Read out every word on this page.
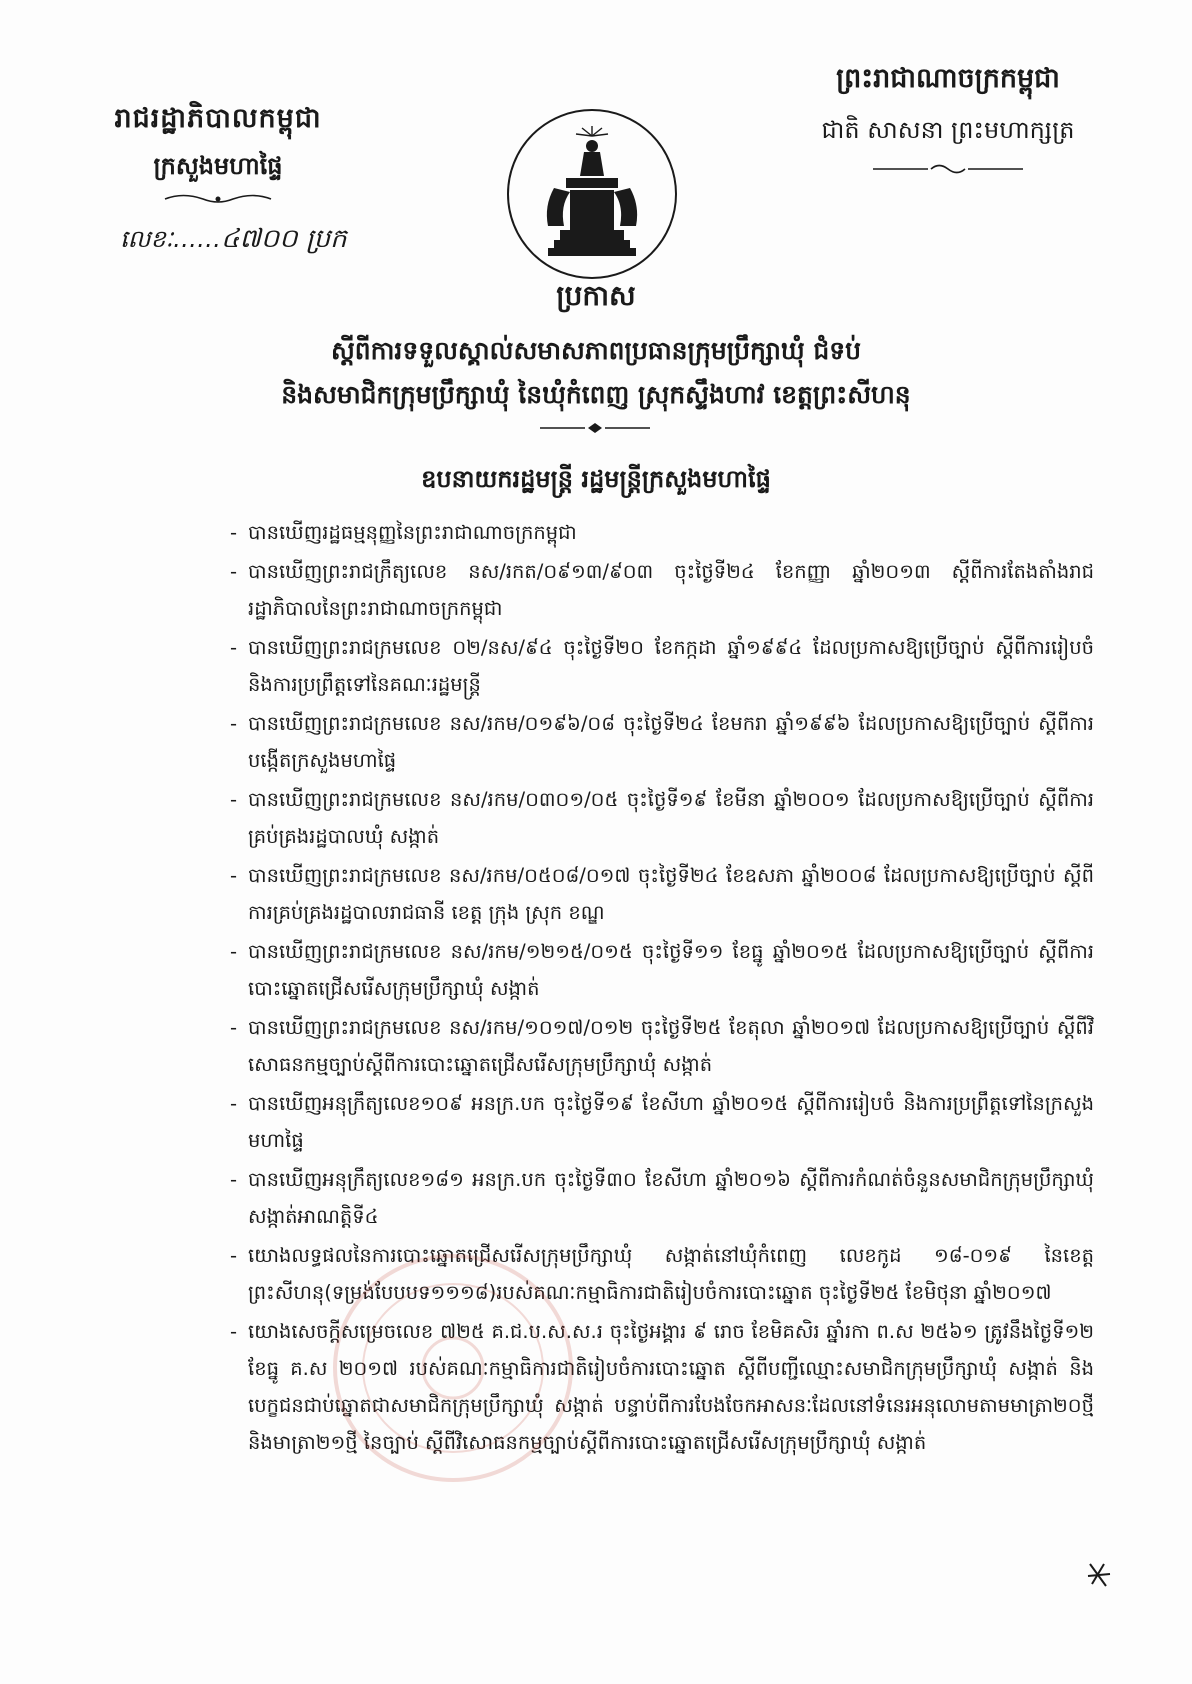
រាជរដ្ឋាភិបាលកម្ពុជា
ក្រសួងមហាផ្ទៃ
លេខៈ……៤៧០០ ប្រក
ព្រះរាជាណាចក្រកម្ពុជា
ជាតិ សាសនា ព្រះមហាក្សត្រ
ប្រកាស
ស្តីពីការទទួលស្គាល់សមាសភាពប្រធានក្រុមប្រឹក្សាឃុំ ជំទប់
និងសមាជិកក្រុមប្រឹក្សាឃុំ នៃឃុំកំពេញ ស្រុកស្ទឹងហាវ ខេត្តព្រះសីហនុ
ឧបនាយករដ្ឋមន្ត្រី រដ្ឋមន្ត្រីក្រសួងមហាផ្ទៃ
- បានឃើញរដ្ឋធម្មនុញ្ញនៃព្រះរាជាណាចក្រកម្ពុជា
- បានឃើញព្រះរាជក្រឹត្យលេខ នស/រកត/០៩១៣/៩០៣ ចុះថ្ងៃទី២៤ ខែកញ្ញា ឆ្នាំ២០១៣ ស្តីពីការតែងតាំងរាជរដ្ឋាភិបាលនៃព្រះរាជាណាចក្រកម្ពុជា
- បានឃើញព្រះរាជក្រមលេខ ០២/នស/៩៤ ចុះថ្ងៃទី២០ ខែកក្កដា ឆ្នាំ១៩៩៤ ដែលប្រកាសឱ្យប្រើច្បាប់ ស្តីពីការរៀបចំ និងការប្រព្រឹត្តទៅនៃគណៈរដ្ឋមន្ត្រី
- បានឃើញព្រះរាជក្រមលេខ នស/រកម/០១៩៦/០៨ ចុះថ្ងៃទី២៤ ខែមករា ឆ្នាំ១៩៩៦ ដែលប្រកាសឱ្យប្រើច្បាប់ ស្តីពីការបង្កើតក្រសួងមហាផ្ទៃ
- បានឃើញព្រះរាជក្រមលេខ នស/រកម/០៣០១/០៥ ចុះថ្ងៃទី១៩ ខែមីនា ឆ្នាំ២០០១ ដែលប្រកាសឱ្យប្រើច្បាប់ ស្តីពីការគ្រប់គ្រងរដ្ឋបាលឃុំ សង្កាត់
- បានឃើញព្រះរាជក្រមលេខ នស/រកម/០៥០៨/០១៧ ចុះថ្ងៃទី២៤ ខែឧសភា ឆ្នាំ២០០៨ ដែលប្រកាសឱ្យប្រើច្បាប់ ស្តីពីការគ្រប់គ្រងរដ្ឋបាលរាជធានី ខេត្ត ក្រុង ស្រុក ខណ្ឌ
- បានឃើញព្រះរាជក្រមលេខ នស/រកម/១២១៥/០១៥ ចុះថ្ងៃទី១១ ខែធ្នូ ឆ្នាំ២០១៥ ដែលប្រកាសឱ្យប្រើច្បាប់ ស្តីពីការបោះឆ្នោតជ្រើសរើសក្រុមប្រឹក្សាឃុំ សង្កាត់
- បានឃើញព្រះរាជក្រមលេខ នស/រកម/១០១៧/០១២ ចុះថ្ងៃទី២៥ ខែតុលា ឆ្នាំ២០១៧ ដែលប្រកាសឱ្យប្រើច្បាប់ ស្តីពីវិសោធនកម្មច្បាប់ស្តីពីការបោះឆ្នោតជ្រើសរើសក្រុមប្រឹក្សាឃុំ សង្កាត់
- បានឃើញអនុក្រឹត្យលេខ១០៩ អនក្រ.បក ចុះថ្ងៃទី១៩ ខែសីហា ឆ្នាំ២០១៥ ស្តីពីការរៀបចំ និងការប្រព្រឹត្តទៅនៃក្រសួងមហាផ្ទៃ
- បានឃើញអនុក្រឹត្យលេខ១៨១ អនក្រ.បក ចុះថ្ងៃទី៣០ ខែសីហា ឆ្នាំ២០១៦ ស្តីពីការកំណត់ចំនួនសមាជិកក្រុមប្រឹក្សាឃុំ សង្កាត់អាណត្តិទី៤
- យោងលទ្ធផលនៃការបោះឆ្នោតជ្រើសរើសក្រុមប្រឹក្សាឃុំ សង្កាត់នៅឃុំកំពេញ លេខកូដ ១៨-០១៩ នៃខេត្តព្រះសីហនុ(ទម្រង់បែបបទ១១១៨)របស់គណៈកម្មាធិការជាតិរៀបចំការបោះឆ្នោត ចុះថ្ងៃទី២៥ ខែមិថុនា ឆ្នាំ២០១៧
- យោងសេចក្តីសម្រេចលេខ ៧២៥ គ.ជ.ប.ស.ស.រ ចុះថ្ងៃអង្គារ ៩ រោច ខែមិគសិរ ឆ្នាំរកា ព.ស ២៥៦១ ត្រូវនឹងថ្ងៃទី១២ ខែធ្នូ គ.ស ២០១៧ របស់គណៈកម្មាធិការជាតិរៀបចំការបោះឆ្នោត ស្តីពីបញ្ជីឈ្មោះសមាជិកក្រុមប្រឹក្សាឃុំ សង្កាត់ និងបេក្ខជនជាប់ឆ្នោតជាសមាជិកក្រុមប្រឹក្សាឃុំ សង្កាត់ បន្ទាប់ពីការបែងចែកអាសនៈដែលនៅទំនេរអនុលោមតាមមាត្រា២០ថ្មី និងមាត្រា២១ថ្មី នៃច្បាប់ ស្តីពីវិសោធនកម្មច្បាប់ស្តីពីការបោះឆ្នោតជ្រើសរើសក្រុមប្រឹក្សាឃុំ សង្កាត់
